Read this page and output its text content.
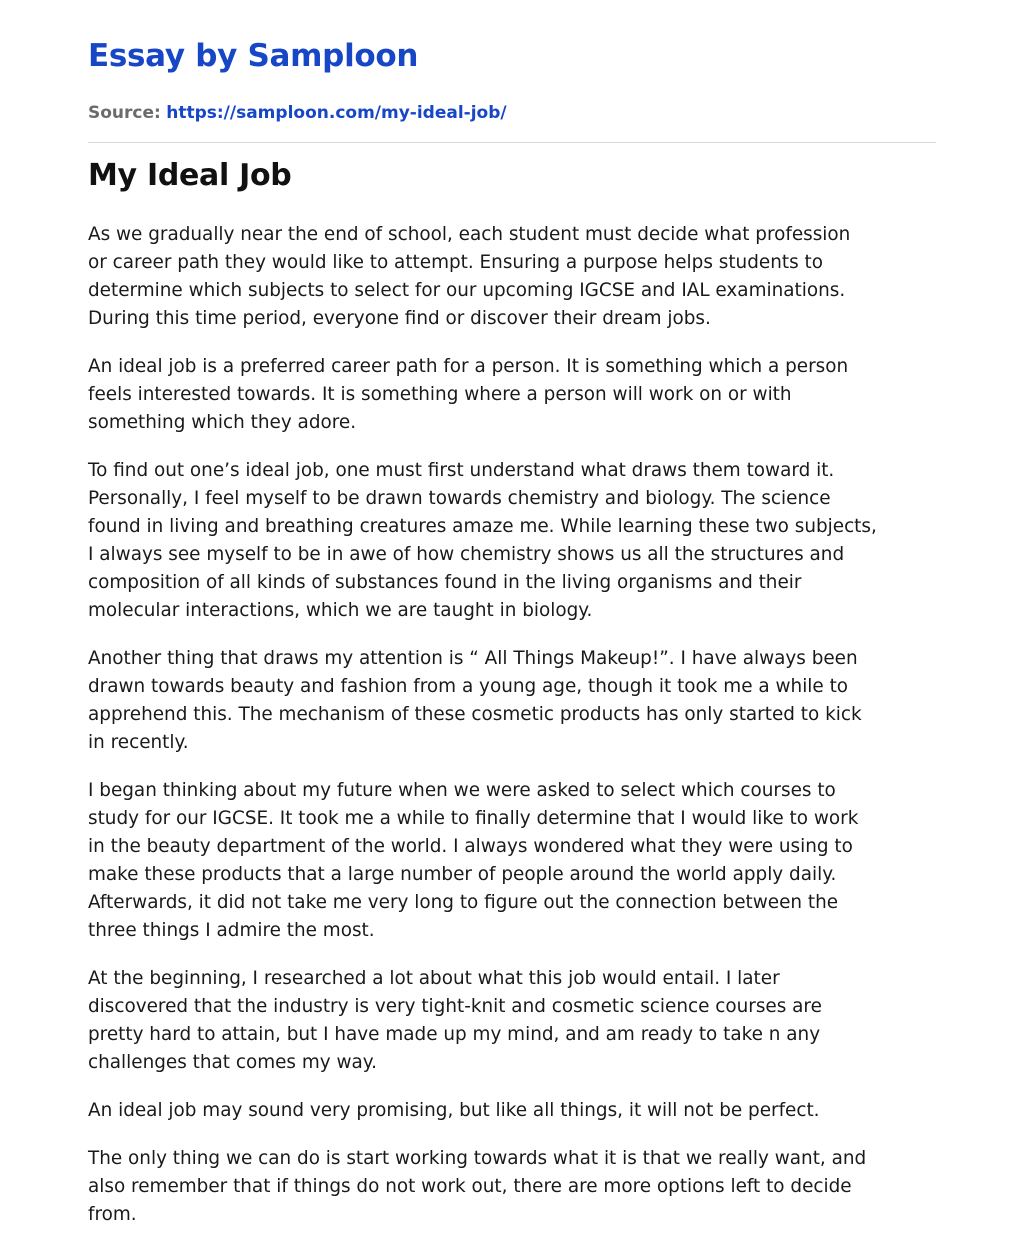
Essay by Samploon
Source: https://samploon.com/my-ideal-job/
My Ideal Job

As we gradually near the end of school, each student must decide what profession
or career path they would like to attempt. Ensuring a purpose helps students to
determine which subjects to select for our upcoming IGCSE and IAL examinations.
During this time period, everyone find or discover their dream jobs.

An ideal job is a preferred career path for a person. It is something which a person
feels interested towards. It is something where a person will work on or with
something which they adore.

To find out one’s ideal job, one must first understand what draws them toward it.
Personally, I feel myself to be drawn towards chemistry and biology. The science
found in living and breathing creatures amaze me. While learning these two subjects,
I always see myself to be in awe of how chemistry shows us all the structures and
composition of all kinds of substances found in the living organisms and their
molecular interactions, which we are taught in biology.

Another thing that draws my attention is “ All Things Makeup!”. I have always been
drawn towards beauty and fashion from a young age, though it took me a while to
apprehend this. The mechanism of these cosmetic products has only started to kick
in recently.

I began thinking about my future when we were asked to select which courses to
study for our IGCSE. It took me a while to finally determine that I would like to work
in the beauty department of the world. I always wondered what they were using to
make these products that a large number of people around the world apply daily.
Afterwards, it did not take me very long to figure out the connection between the
three things I admire the most.

At the beginning, I researched a lot about what this job would entail. I later
discovered that the industry is very tight-knit and cosmetic science courses are
pretty hard to attain, but I have made up my mind, and am ready to take n any
challenges that comes my way.

An ideal job may sound very promising, but like all things, it will not be perfect.

The only thing we can do is start working towards what it is that we really want, and
also remember that if things do not work out, there are more options left to decide
from.
